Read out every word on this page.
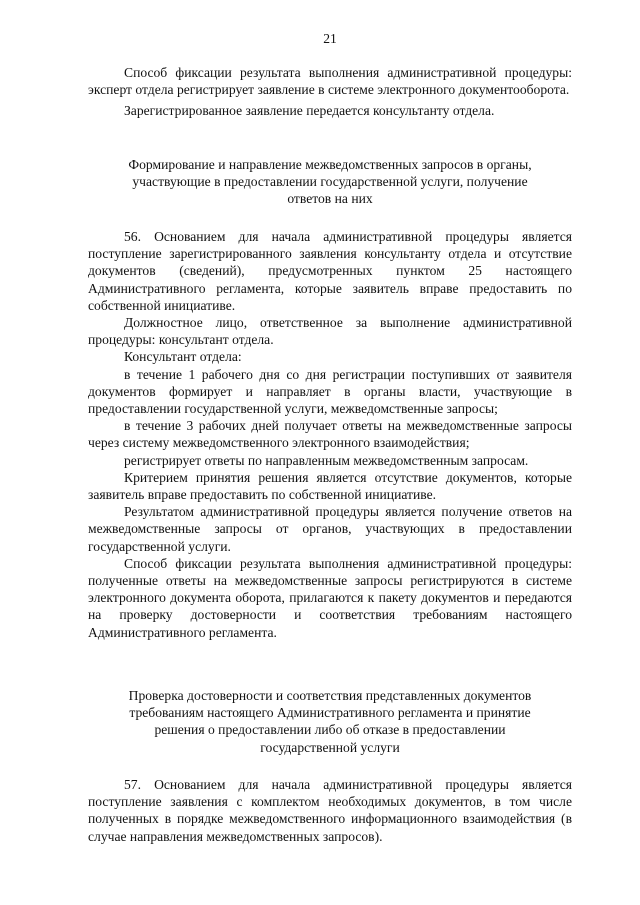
21

Способ фиксации результата выполнения административной процедуры: эксперт отдела регистрирует заявление в системе электронного документооборота.

Зарегистрированное заявление передается консультанту отдела.

Формирование и направление межведомственных запросов в органы,
участвующие в предоставлении государственной услуги, получение
ответов на них

56. Основанием для начала административной процедуры является поступление зарегистрированного заявления консультанту отдела и отсутствие документов (сведений), предусмотренных пунктом 25 настоящего Административного регламента, которые заявитель вправе предоставить по собственной инициативе.

Должностное лицо, ответственное за выполнение административной процедуры: консультант отдела.

Консультант отдела:

в течение 1 рабочего дня со дня регистрации поступивших от заявителя документов формирует и направляет в органы власти, участвующие в предоставлении государственной услуги, межведомственные запросы;

в течение 3 рабочих дней получает ответы на межведомственные запросы через систему межведомственного электронного взаимодействия;

регистрирует ответы по направленным межведомственным запросам.

Критерием принятия решения является отсутствие документов, которые заявитель вправе предоставить по собственной инициативе.

Результатом административной процедуры является получение ответов на межведомственные запросы от органов, участвующих в предоставлении государственной услуги.

Способ фиксации результата выполнения административной процедуры: полученные ответы на межведомственные запросы регистрируются в системе электронного документа оборота, прилагаются к пакету документов и передаются на проверку достоверности и соответствия требованиям настоящего Административного регламента.

Проверка достоверности и соответствия представленных документов
требованиям настоящего Административного регламента и принятие
решения о предоставлении либо об отказе в предоставлении
государственной услуги

57. Основанием для начала административной процедуры является поступление заявления с комплектом необходимых документов, в том числе полученных в порядке межведомственного информационного взаимодействия (в случае направления межведомственных запросов).
